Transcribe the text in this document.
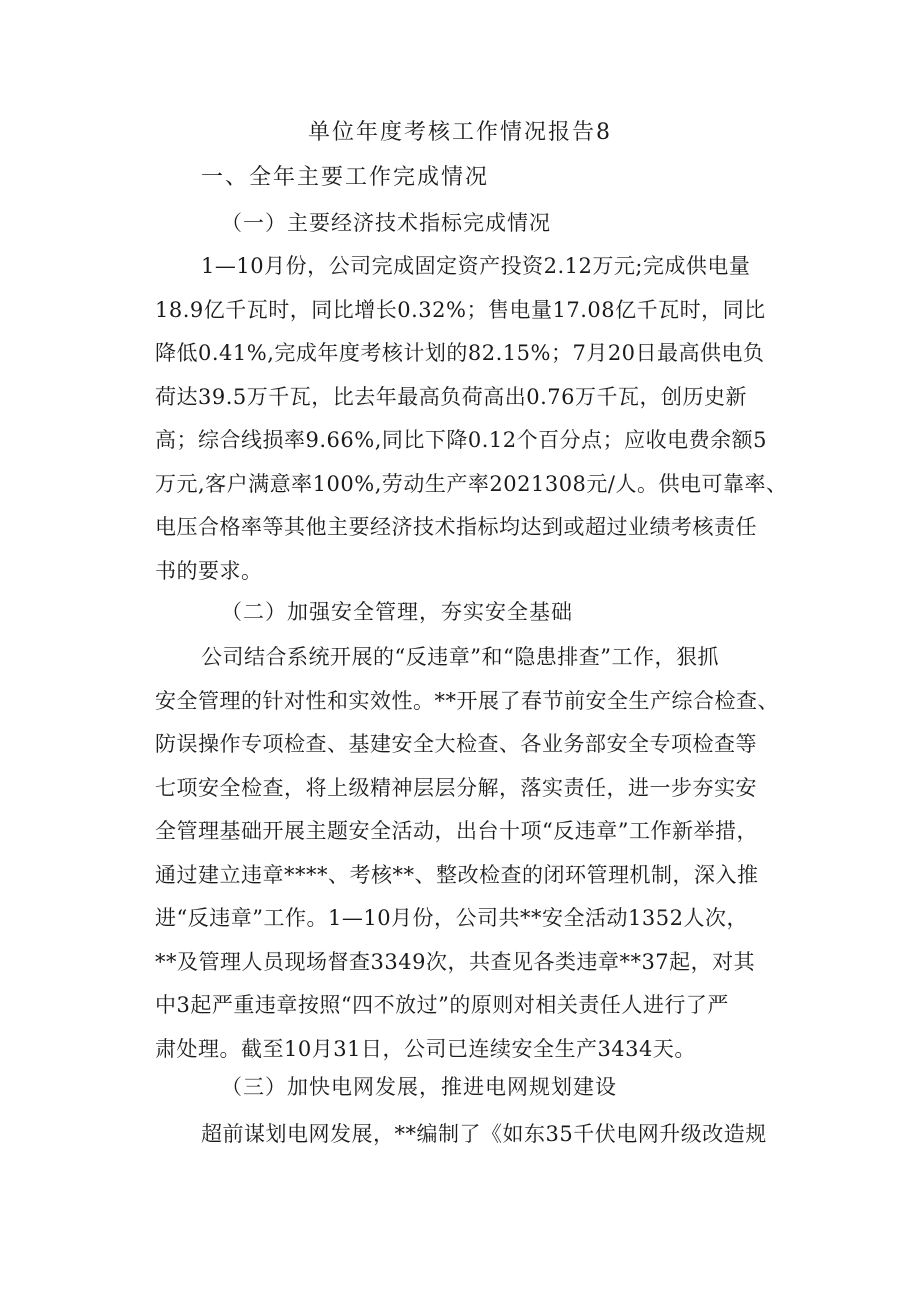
单位年度考核工作情况报告8
一、全年主要工作完成情况
（一）主要经济技术指标完成情况
1—10月份，公司完成固定资产投资2.12万元;完成供电量
18.9亿千瓦时，同比增长0.32%；售电量17.08亿千瓦时，同比
降低0.41%,完成年度考核计划的82.15%；7月20日最高供电负
荷达39.5万千瓦，比去年最高负荷高出0.76万千瓦，创历史新
高；综合线损率9.66%,同比下降0.12个百分点；应收电费余额5
万元,客户满意率100%,劳动生产率2021308元/人。供电可靠率、
电压合格率等其他主要经济技术指标均达到或超过业绩考核责任
书的要求。
（二）加强安全管理，夯实安全基础
公司结合系统开展的“反违章”和“隐患排查”工作，狠抓
安全管理的针对性和实效性。**开展了春节前安全生产综合检查、
防误操作专项检查、基建安全大检查、各业务部安全专项检查等
七项安全检查，将上级精神层层分解，落实责任，进一步夯实安
全管理基础开展主题安全活动，出台十项“反违章”工作新举措，
通过建立违章****、考核**、整改检查的闭环管理机制，深入推
进“反违章”工作。1—10月份，公司共**安全活动1352人次，
**及管理人员现场督查3349次，共查见各类违章**37起，对其
中3起严重违章按照“四不放过”的原则对相关责任人进行了严
肃处理。截至10月31日，公司已连续安全生产3434天。
（三）加快电网发展，推进电网规划建设
超前谋划电网发展，**编制了《如东35千伏电网升级改造规
